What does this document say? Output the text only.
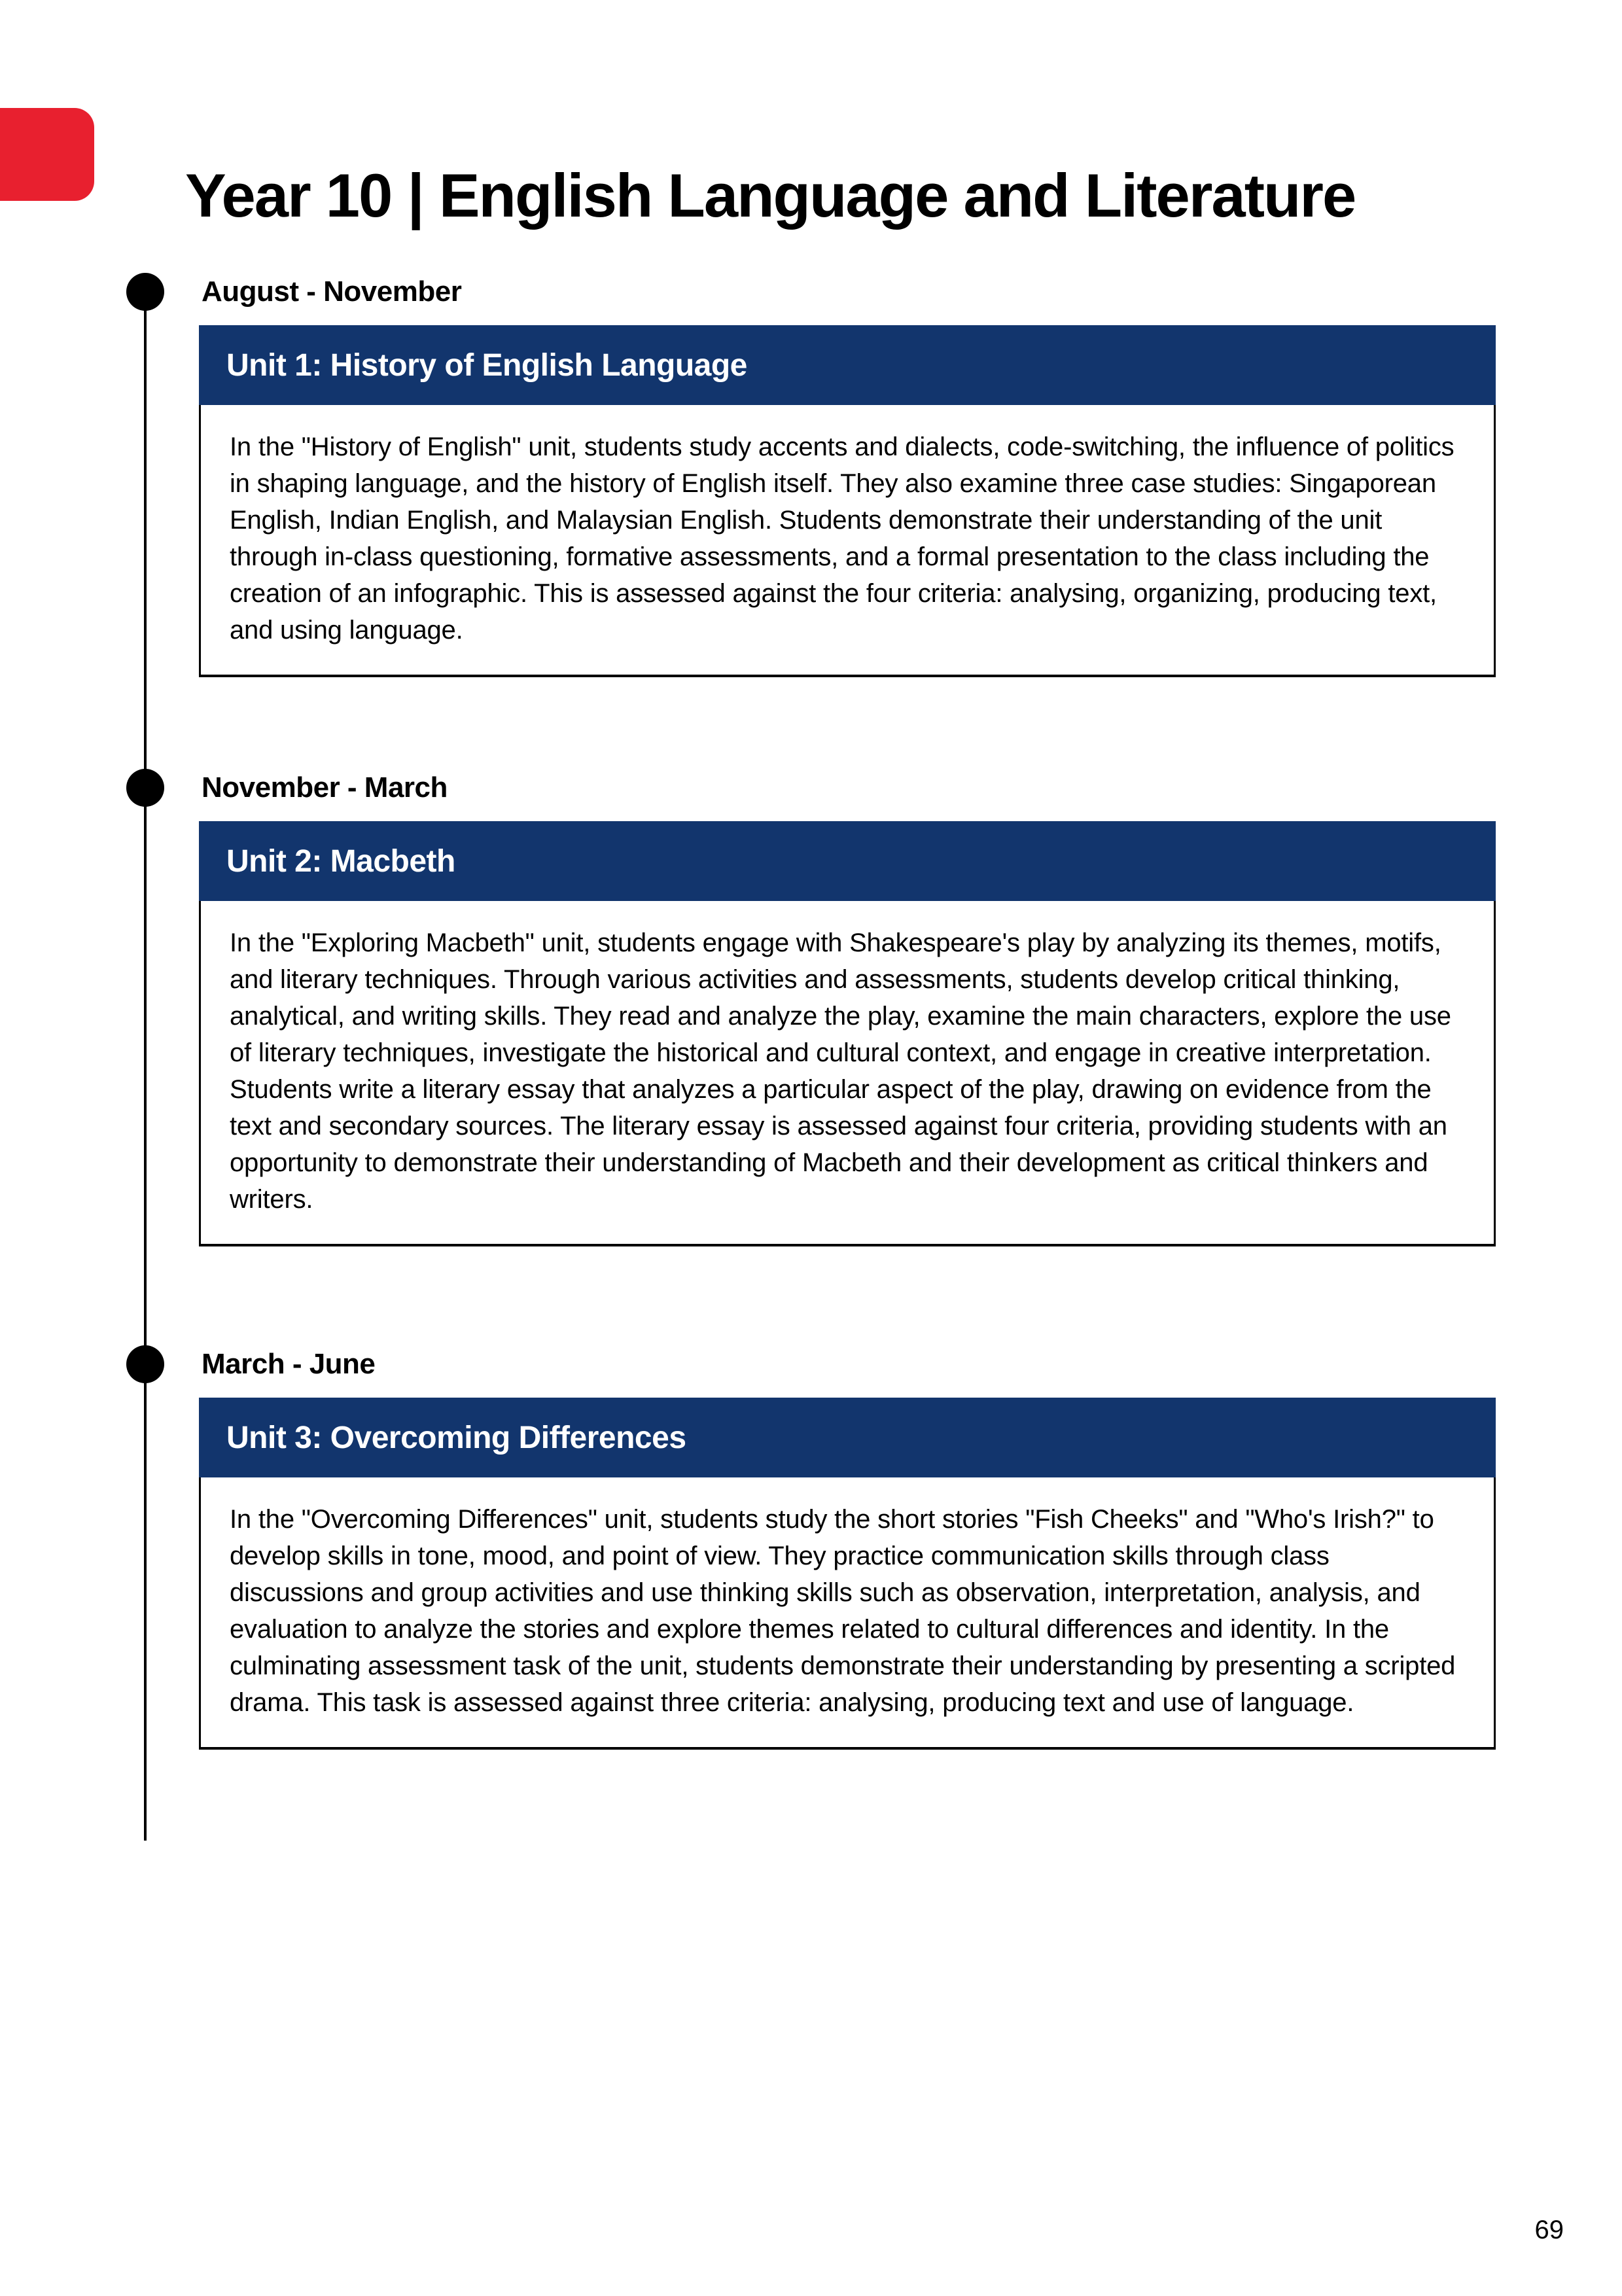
Year 10 | English Language and Literature
August - November
Unit 1: History of English Language
In the "History of English" unit, students study accents and dialects, code-switching, the influence of politics in shaping language, and the history of English itself. They also examine three case studies: Singaporean English, Indian English, and Malaysian English. Students demonstrate their understanding of the unit through in-class questioning, formative assessments, and a formal presentation to the class including the creation of an infographic. This is assessed against the four criteria: analysing, organizing, producing text, and using language.
November - March
Unit 2: Macbeth
In the "Exploring Macbeth" unit, students engage with Shakespeare's play by analyzing its themes, motifs, and literary techniques. Through various activities and assessments, students develop critical thinking, analytical, and writing skills. They read and analyze the play, examine the main characters, explore the use of literary techniques, investigate the historical and cultural context, and engage in creative interpretation. Students write a literary essay that analyzes a particular aspect of the play, drawing on evidence from the text and secondary sources. The literary essay is assessed against four criteria, providing students with an opportunity to demonstrate their understanding of Macbeth and their development as critical thinkers and writers.
March - June
Unit 3: Overcoming Differences
In the "Overcoming Differences" unit, students study the short stories "Fish Cheeks" and "Who's Irish?" to develop skills in tone, mood, and point of view. They practice communication skills through class discussions and group activities and use thinking skills such as observation, interpretation, analysis, and evaluation to analyze the stories and explore themes related to cultural differences and identity. In the culminating assessment task of the unit, students demonstrate their understanding by presenting a scripted drama. This task is assessed against three criteria: analysing, producing text and use of language.
69
